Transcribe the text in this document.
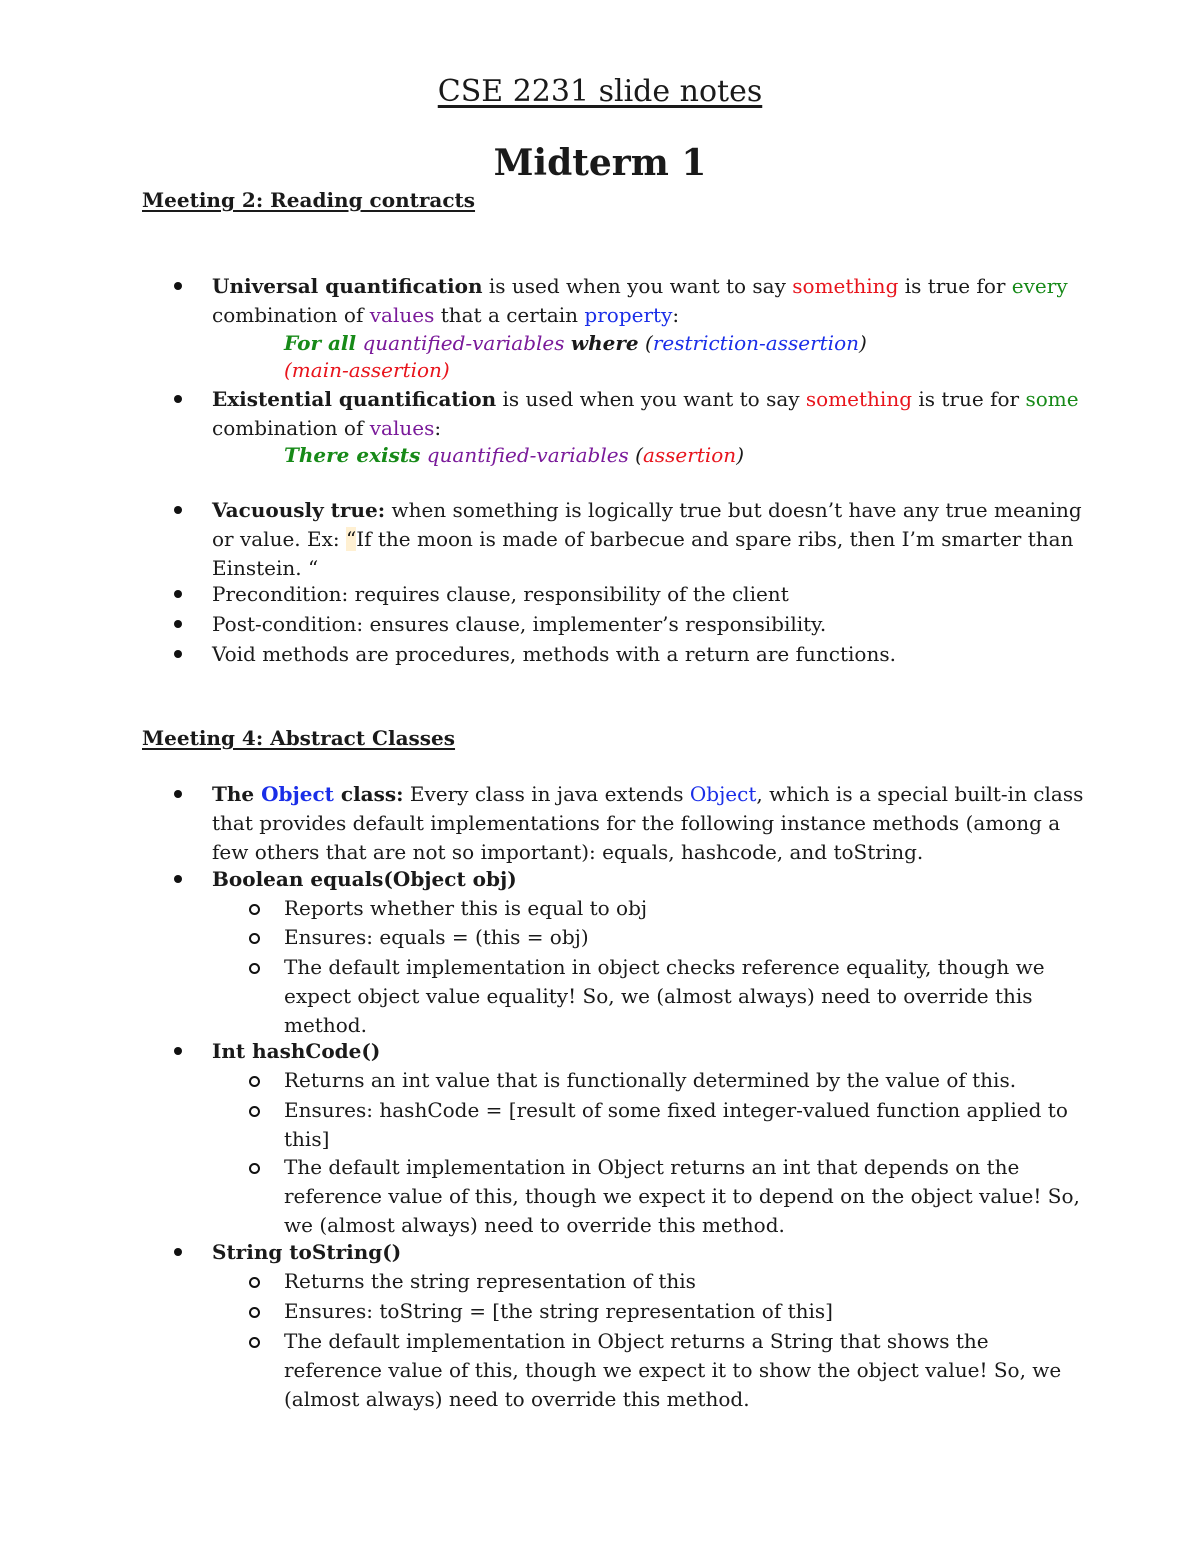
CSE 2231 slide notes
Midterm 1
Meeting 2: Reading contracts
Universal quantification is used when you want to say something is true for every
combination of values that a certain property:
For all quantified-variables where (restriction-assertion)
(main-assertion)
Existential quantification is used when you want to say something is true for some
combination of values:
There exists quantified-variables (assertion)
Vacuously true: when something is logically true but doesn’t have any true meaning
or value. Ex: “If the moon is made of barbecue and spare ribs, then I’m smarter than
Einstein. “
Precondition: requires clause, responsibility of the client
Post-condition: ensures clause, implementer’s responsibility.
Void methods are procedures, methods with a return are functions.
Meeting 4: Abstract Classes
The Object class: Every class in java extends Object, which is a special built-in class
that provides default implementations for the following instance methods (among a
few others that are not so important): equals, hashcode, and toString.
Boolean equals(Object obj)
Reports whether this is equal to obj
Ensures: equals = (this = obj)
The default implementation in object checks reference equality, though we
expect object value equality! So, we (almost always) need to override this
method.
Int hashCode()
Returns an int value that is functionally determined by the value of this.
Ensures: hashCode = [result of some fixed integer-valued function applied to
this]
The default implementation in Object returns an int that depends on the
reference value of this, though we expect it to depend on the object value! So,
we (almost always) need to override this method.
String toString()
Returns the string representation of this
Ensures: toString = [the string representation of this]
The default implementation in Object returns a String that shows the
reference value of this, though we expect it to show the object value! So, we
(almost always) need to override this method.
